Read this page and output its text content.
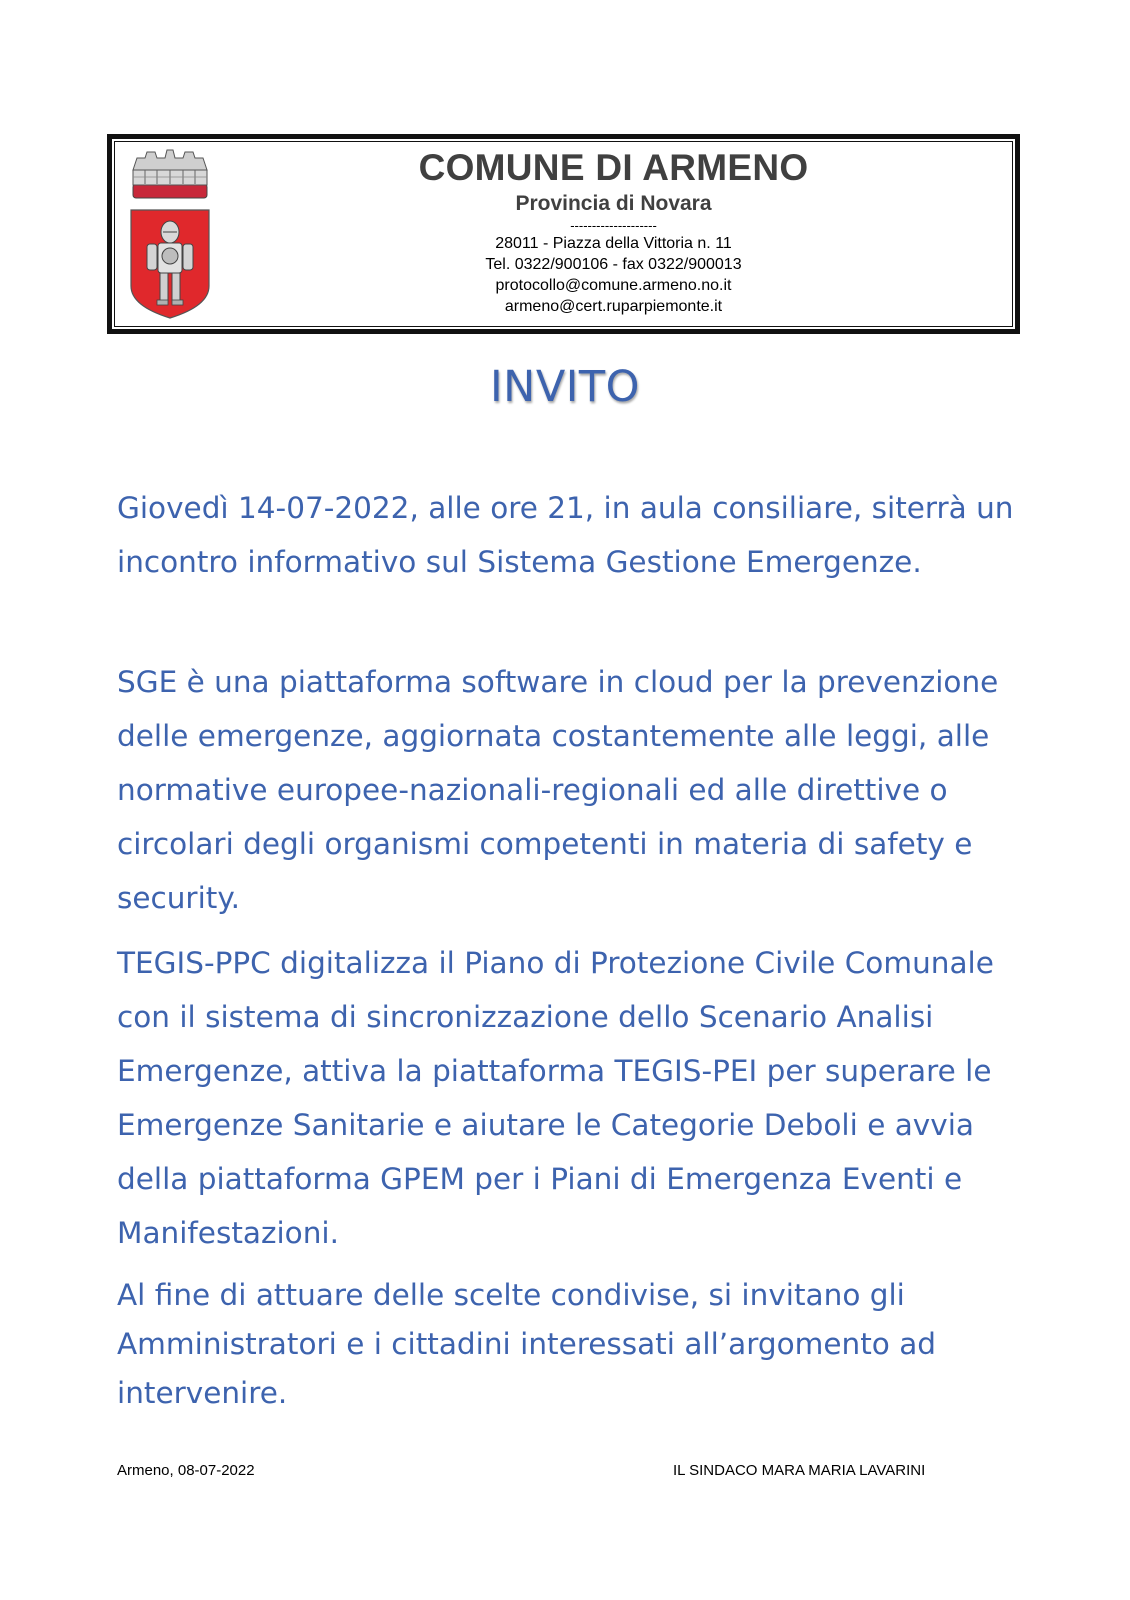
COMUNE DI ARMENO
Provincia di Novara
--------------------
28011 - Piazza della Vittoria n. 11
Tel. 0322/900106 - fax 0322/900013
protocollo@comune.armeno.no.it
armeno@cert.ruparpiemonte.it
INVITO

Giovedì 14-07-2022, alle ore 21, in aula consiliare, siterrà un incontro informativo sul Sistema Gestione Emergenze.

SGE è una piattaforma software in cloud per la prevenzione delle emergenze, aggiornata costantemente alle leggi, alle normative europee-nazionali-regionali ed alle direttive o circolari degli organismi competenti in materia di safety e security.

TEGIS-PPC digitalizza il Piano di Protezione Civile Comunale con il sistema di sincronizzazione dello Scenario Analisi Emergenze, attiva la piattaforma TEGIS-PEI per superare le Emergenze Sanitarie e aiutare le Categorie Deboli e avvia della piattaforma GPEM per i Piani di Emergenza Eventi e Manifestazioni.

Al fine di attuare delle scelte condivise, si invitano gli Amministratori e i cittadini interessati all’argomento ad intervenire.

Armeno, 08-07-2022	IL SINDACO MARA MARIA LAVARINI
